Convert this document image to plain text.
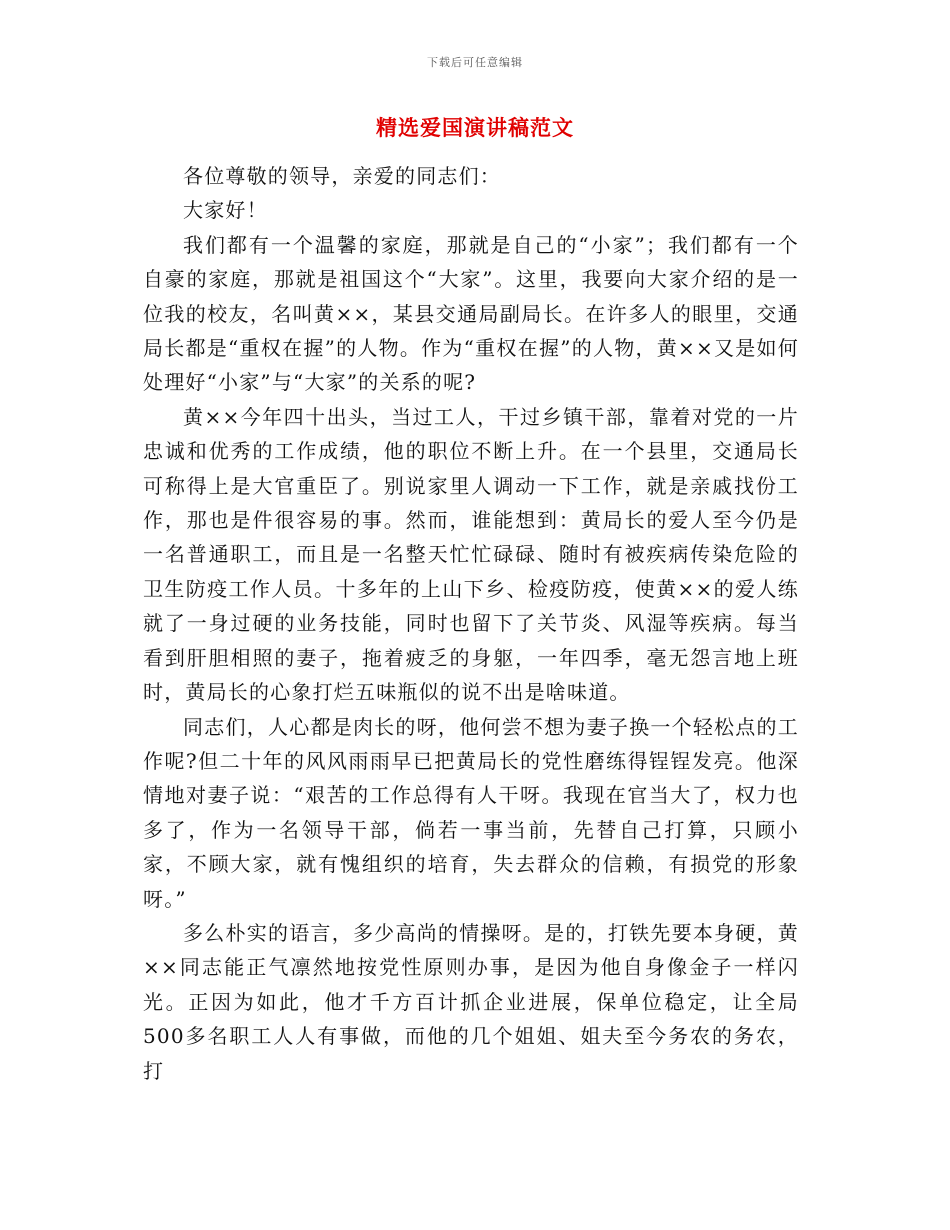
下载后可任意编辑
精选爱国演讲稿范文

各位尊敬的领导，亲爱的同志们：

大家好！

我们都有一个温馨的家庭，那就是自己的“小家”；我们都有一个自豪的家庭，那就是祖国这个“大家”。这里，我要向大家介绍的是一位我的校友，名叫黄××，某县交通局副局长。在许多人的眼里，交通局长都是“重权在握”的人物。作为“重权在握”的人物，黄××又是如何处理好“小家”与“大家”的关系的呢?

黄××今年四十出头，当过工人，干过乡镇干部，靠着对党的一片忠诚和优秀的工作成绩，他的职位不断上升。在一个县里，交通局长可称得上是大官重臣了。别说家里人调动一下工作，就是亲戚找份工作，那也是件很容易的事。然而，谁能想到：黄局长的爱人至今仍是一名普通职工，而且是一名整天忙忙碌碌、随时有被疾病传染危险的卫生防疫工作人员。十多年的上山下乡、检疫防疫，使黄××的爱人练就了一身过硬的业务技能，同时也留下了关节炎、风湿等疾病。每当看到肝胆相照的妻子，拖着疲乏的身躯，一年四季，毫无怨言地上班时，黄局长的心象打烂五味瓶似的说不出是啥味道。

同志们，人心都是肉长的呀，他何尝不想为妻子换一个轻松点的工作呢?但二十年的风风雨雨早已把黄局长的党性磨练得锃锃发亮。他深情地对妻子说：“艰苦的工作总得有人干呀。我现在官当大了，权力也多了，作为一名领导干部，倘若一事当前，先替自己打算，只顾小家，不顾大家，就有愧组织的培育，失去群众的信赖，有损党的形象呀。”

多么朴实的语言，多少高尚的情操呀。是的，打铁先要本身硬，黄××同志能正气凛然地按党性原则办事，是因为他自身像金子一样闪光。正因为如此，他才千方百计抓企业进展，保单位稳定，让全局500多名职工人人有事做，而他的几个姐姐、姐夫至今务农的务农，打
